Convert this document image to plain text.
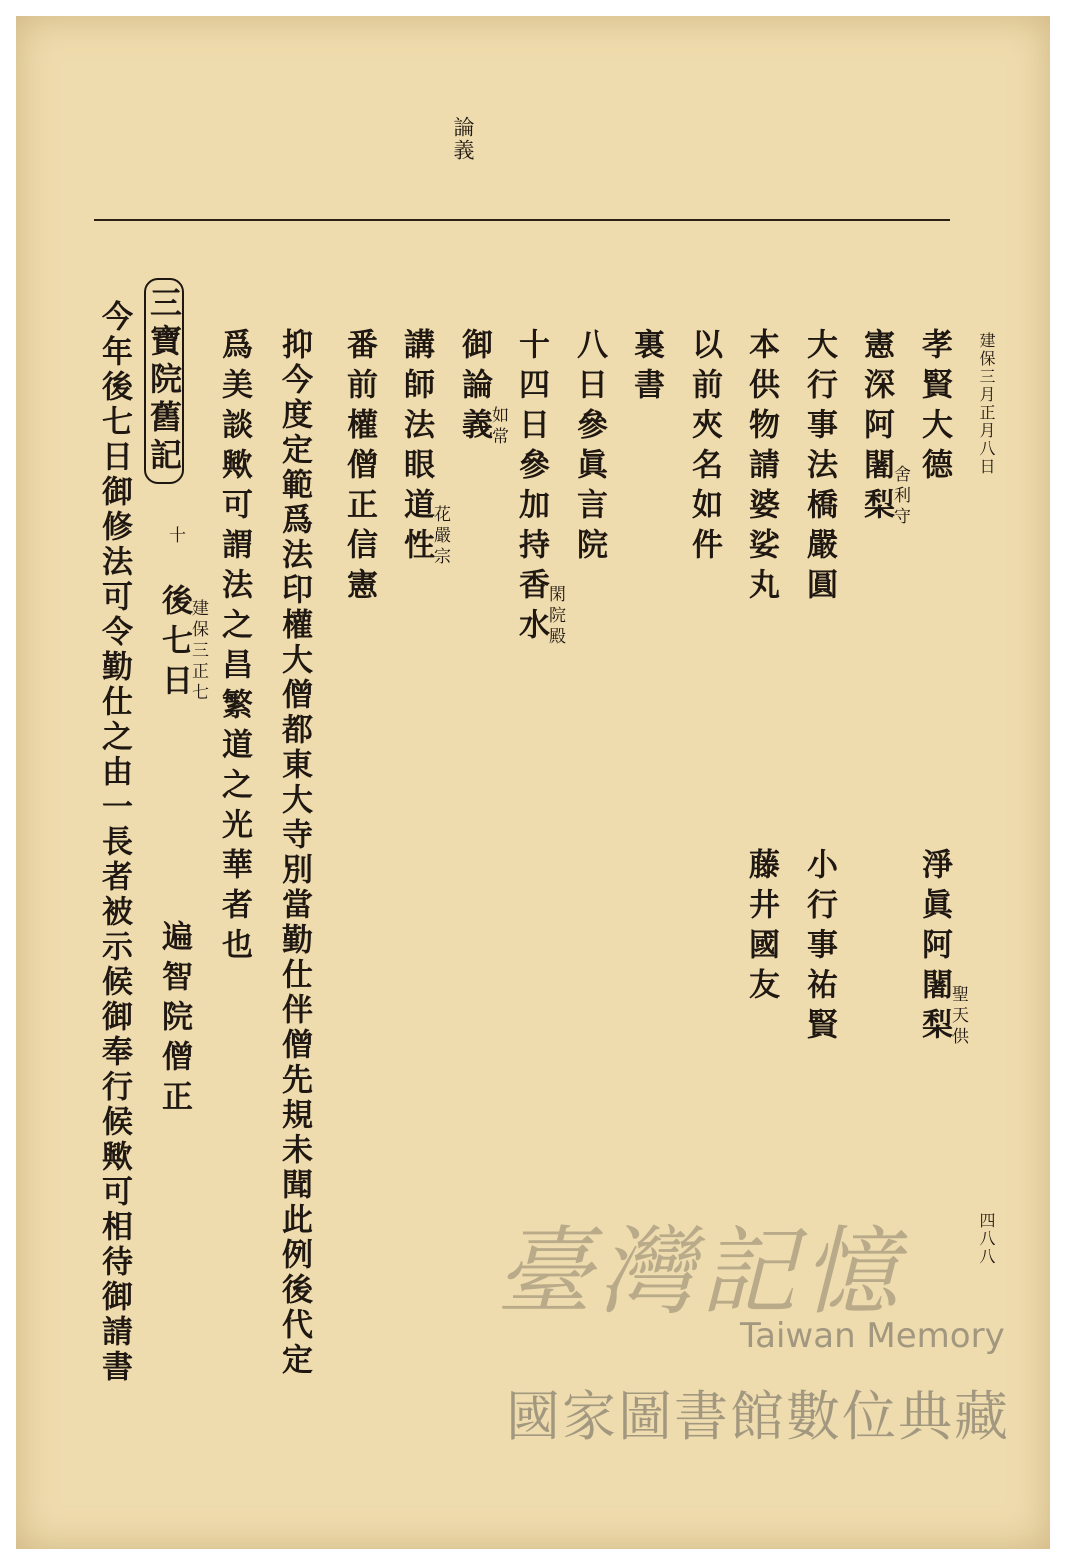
論義
建保三月正月八日
四八八
孝賢大德
淨眞阿闍梨聖天供
憲深阿闍梨舍利守
小行事祐賢
大行事法橋嚴圓
藤井國友
本供物請婆娑丸
以前夾名如件
裏書
八日參眞言院
十四日參加持香水閑院殿
御論義如常
講師法眼道性花嚴宗
番前權僧正信憲
抑今度定範爲法印權大僧都東大寺別當勤仕伴僧先規未聞此例後代定
爲美談歟可謂法之昌繁道之光華者也
三寶院舊記
十
後七日建保三正七
遍智院僧正
今年後七日御修法可令勤仕之由一長者被示候御奉行候歟可相待御請書	臺灣記憶
Taiwan Memory
國家圖書館數位典藏
